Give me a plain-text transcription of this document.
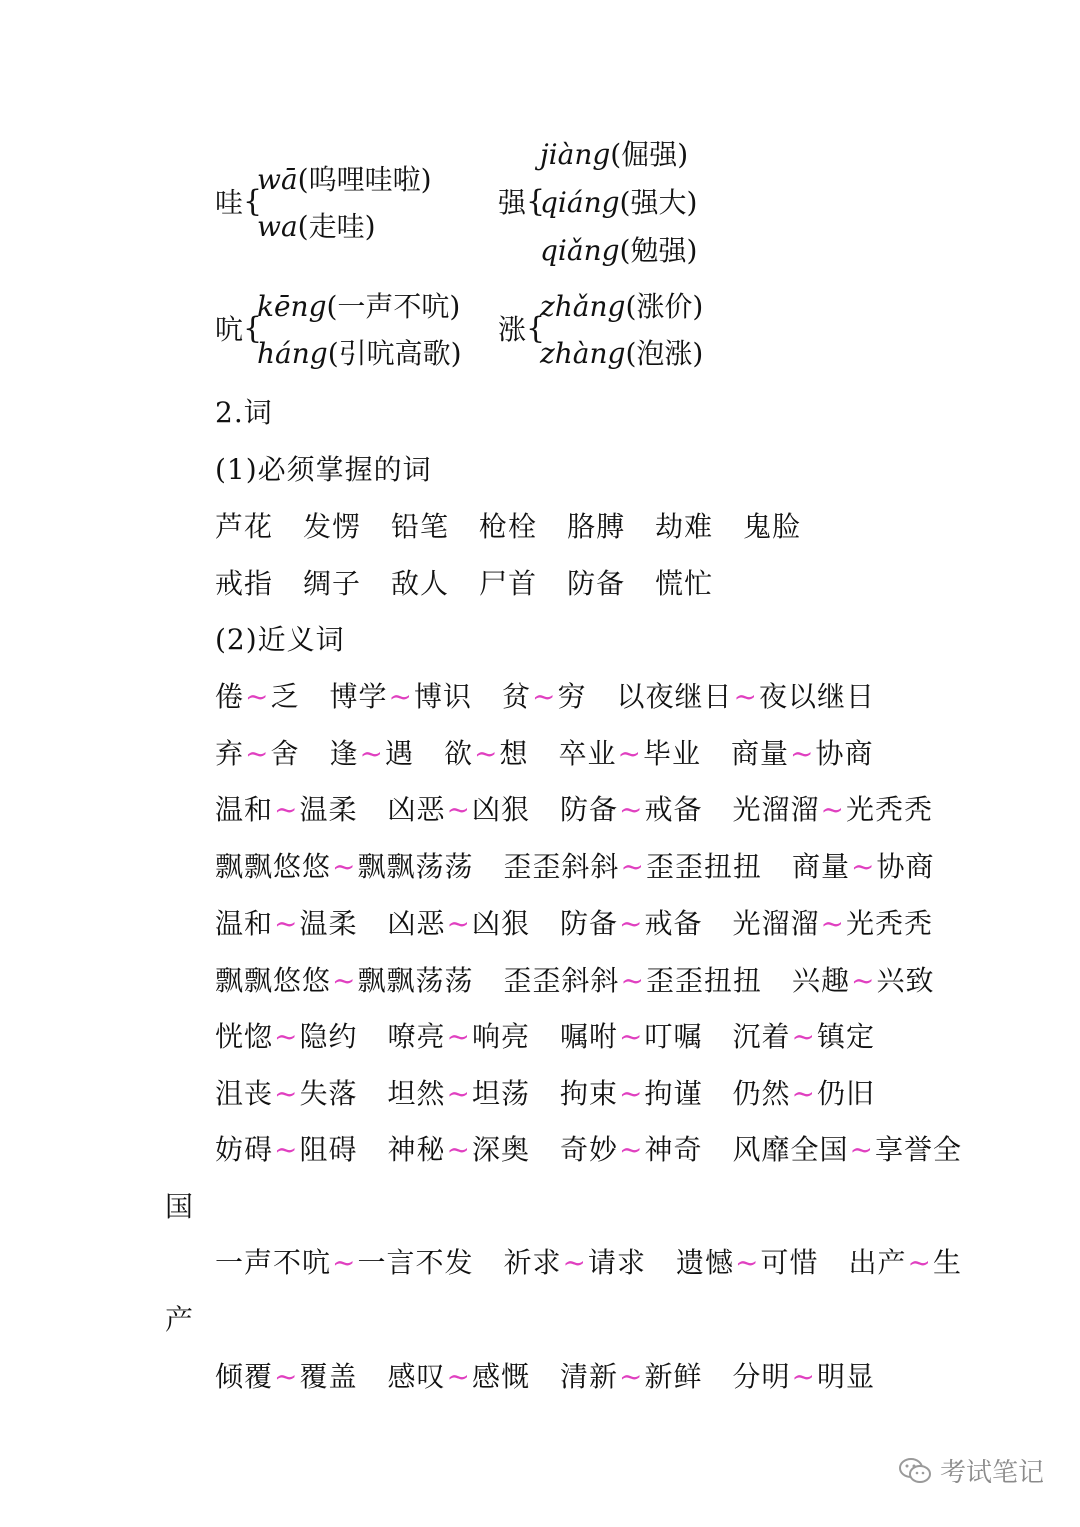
哇 {
wā(呜哩哇啦)
wa(走哇)
强 {
jiàng(倔强)
qiáng(强大)
qiǎng(勉强)
吭 {
kēng(一声不吭)
háng(引吭高歌)
涨 {
zhǎng(涨价)
zhàng(泡涨)
2.词
(1)必须掌握的词
芦花 发愣 铅笔 枪栓 胳膊 劫难 鬼脸
戒指 绸子 敌人 尸首 防备 慌忙
(2)近义词
倦~乏 博学~博识 贫~穷 以夜继日~夜以继日
弃~舍 逢~遇 欲~想 卒业~毕业 商量~协商
温和~温柔 凶恶~凶狠 防备~戒备 光溜溜~光秃秃
飘飘悠悠~飘飘荡荡 歪歪斜斜~歪歪扭扭 商量~协商
温和~温柔 凶恶~凶狠 防备~戒备 光溜溜~光秃秃
飘飘悠悠~飘飘荡荡 歪歪斜斜~歪歪扭扭 兴趣~兴致
恍惚~隐约 嘹亮~响亮 嘱咐~叮嘱 沉着~镇定
沮丧~失落 坦然~坦荡 拘束~拘谨 仍然~仍旧
妨碍~阻碍 神秘~深奥 奇妙~神奇 风靡全国~享誉全
国
一声不吭~一言不发 祈求~请求 遗憾~可惜 出产~生
产
倾覆~覆盖 感叹~感慨 清新~新鲜 分明~明显
考试笔记
